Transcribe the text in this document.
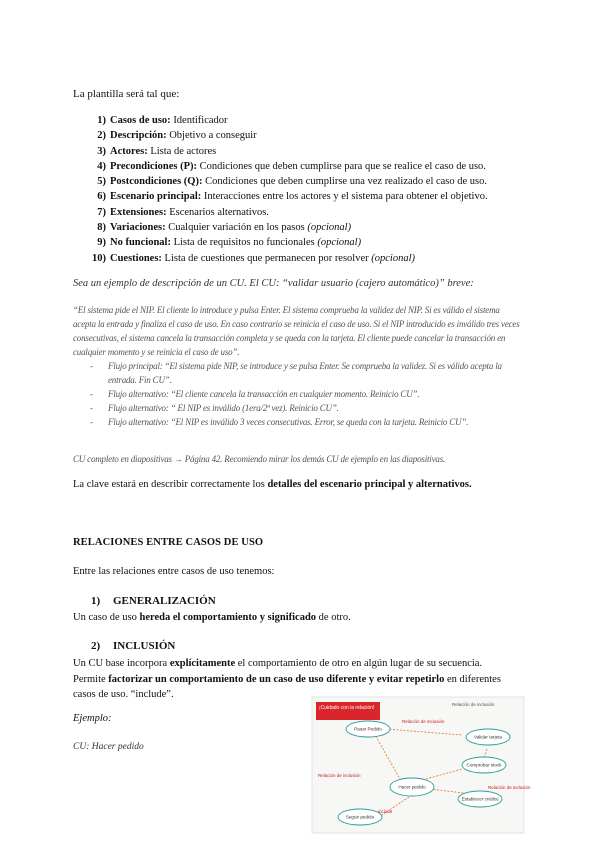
La plantilla será tal que:
1) Casos de uso: Identificador
2) Descripción: Objetivo a conseguir
3) Actores: Lista de actores
4) Precondiciones (P): Condiciones que deben cumplirse para que se realice el caso de uso.
5) Postcondiciones (Q): Condiciones que deben cumplirse una vez realizado el caso de uso.
6) Escenario principal: Interacciones entre los actores y el sistema para obtener el objetivo.
7) Extensiones: Escenarios alternativos.
8) Variaciones: Cualquier variación en los pasos (opcional)
9) No funcional: Lista de requisitos no funcionales (opcional)
10) Cuestiones: Lista de cuestiones que permanecen por resolver (opcional)
Sea un ejemplo de descripción de un CU. El CU: “validar usuario (cajero automático)” breve:
“El sistema pide el NIP. El cliente lo introduce y pulsa Enter. El sistema comprueba la validez del NIP. Si es válido el sistema acepta la entrada y finaliza el caso de uso. En caso contrario se reinicia el caso de uso. Si el NIP introducido es inválido tres veces consecutivas, el sistema cancela la transacción completa y se queda con la tarjeta. El cliente puede cancelar la transacción en cualquier momento y se reinicia el caso de uso”.
- Flujo principal: “El sistema pide NIP, se introduce y se pulsa Enter. Se comprueba la validez. Si es válido acepta la entrada. Fin CU”.
- Flujo alternativo: “El cliente cancela la transacción en cualquier momento. Reinicio CU”.
- Flujo alternativo: “ El NIP es inválido (1era/2ª vez). Reinicio CU”.
- Flujo alternativo: “El NIP es inválido 3 veces consecutivas. Error, se queda con la tarjeta. Reinicio CU”.
CU completo en diapositivas → Página 42. Recomiendo mirar los demás CU de ejemplo en las diapositivas.
La clave estará en describir correctamente los detalles del escenario principal y alternativos.
RELACIONES ENTRE CASOS DE USO
Entre las relaciones entre casos de uso tenemos:
1) GENERALIZACIÓN
Un caso de uso hereda el comportamiento y significado de otro.
2) INCLUSIÓN
Un CU base incorpora explícitamente el comportamiento de otro en algún lugar de su secuencia.
Permite factorizar un comportamiento de un caso de uso diferente y evitar repetirlo en diferentes casos de uso. “include”.
Ejemplo:
CU: Hacer pedido
¡Cuidado con la relación!
Pasar Pedido
Hacer pedido
Seguir pedido
Comprobar stock
Establecer crédito
Validar tarjeta
Relación de inclusión
Relación de inclusión
Relación de inclusión
Relación de inclusión
include
